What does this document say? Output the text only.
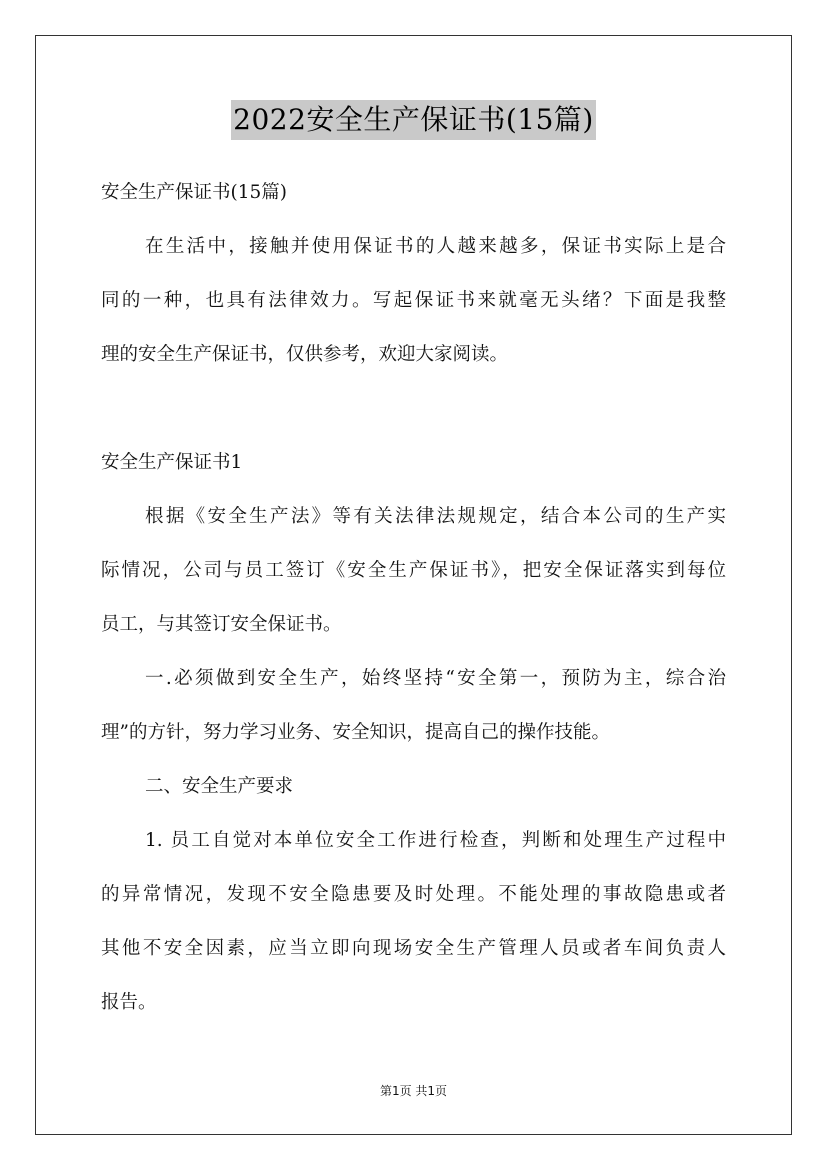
2022安全生产保证书(15篇)
安全生产保证书(15篇)
在生活中，接触并使用保证书的人越来越多，保证书实际上是合
同的一种，也具有法律效力。写起保证书来就毫无头绪？下面是我整
理的安全生产保证书，仅供参考，欢迎大家阅读。
安全生产保证书1
根据《安全生产法》等有关法律法规规定，结合本公司的生产实
际情况，公司与员工签订《安全生产保证书》，把安全保证落实到每位
员工，与其签订安全保证书。
一.必须做到安全生产，始终坚持“安全第一，预防为主，综合治
理”的方针，努力学习业务、安全知识，提高自己的操作技能。
二、安全生产要求
1. 员工自觉对本单位安全工作进行检查，判断和处理生产过程中
的异常情况，发现不安全隐患要及时处理。不能处理的事故隐患或者
其他不安全因素，应当立即向现场安全生产管理人员或者车间负责人
报告。
第1页 共1页
